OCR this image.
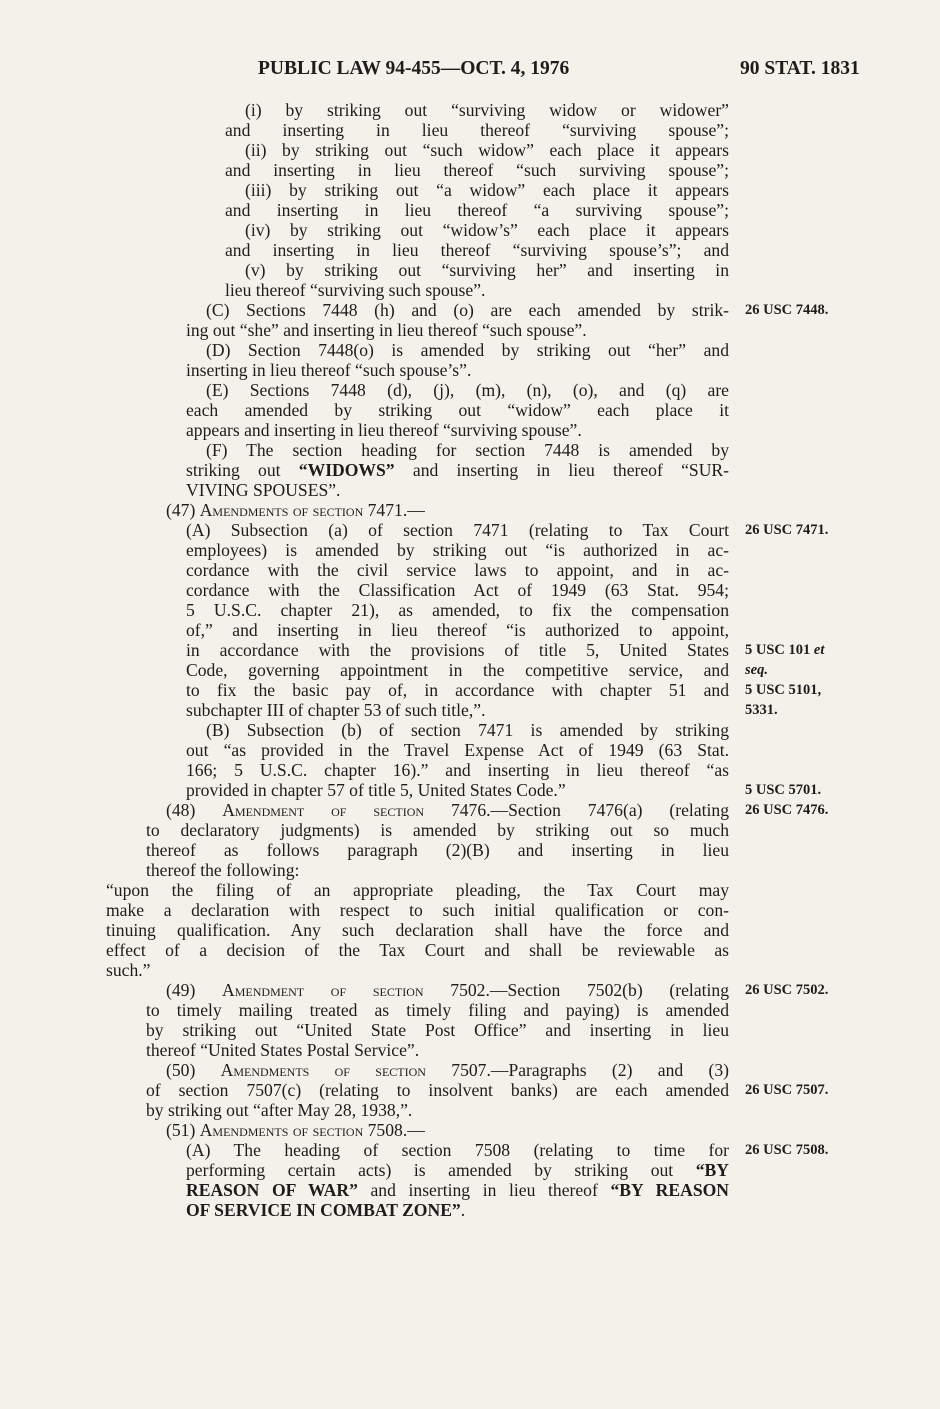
PUBLIC LAW 94-455—OCT. 4, 1976	90 STAT. 1831
(i) by striking out “surviving widow or widower”
and inserting in lieu thereof “surviving spouse”;
(ii) by striking out “such widow” each place it appears
and inserting in lieu thereof “such surviving spouse”;
(iii) by striking out “a widow” each place it appears
and inserting in lieu thereof “a surviving spouse”;
(iv) by striking out “widow’s” each place it appears
and inserting in lieu thereof “surviving spouse’s”; and
(v) by striking out “surviving her” and inserting in
lieu thereof “surviving such spouse”.
(C) Sections 7448 (h) and (o) are each amended by strik-
ing out “she” and inserting in lieu thereof “such spouse”.
(D) Section 7448(o) is amended by striking out “her” and
inserting in lieu thereof “such spouse’s”.
(E) Sections 7448 (d), (j), (m), (n), (o), and (q) are
each amended by striking out “widow” each place it
appears and inserting in lieu thereof “surviving spouse”.
(F) The section heading for section 7448 is amended by
striking out “WIDOWS” and inserting in lieu thereof “SUR-
VIVING SPOUSES”.
(47) Amendments of section 7471.—
(A) Subsection (a) of section 7471 (relating to Tax Court
employees) is amended by striking out “is authorized in ac-
cordance with the civil service laws to appoint, and in ac-
cordance with the Classification Act of 1949 (63 Stat. 954;
5 U.S.C. chapter 21), as amended, to fix the compensation
of,” and inserting in lieu thereof “is authorized to appoint,
in accordance with the provisions of title 5, United States
Code, governing appointment in the competitive service, and
to fix the basic pay of, in accordance with chapter 51 and
subchapter III of chapter 53 of such title,”.
(B) Subsection (b) of section 7471 is amended by striking
out “as provided in the Travel Expense Act of 1949 (63 Stat.
166; 5 U.S.C. chapter 16).” and inserting in lieu thereof “as
provided in chapter 57 of title 5, United States Code.”
(48) Amendment of section 7476.—Section 7476(a) (relating
to declaratory judgments) is amended by striking out so much
thereof as follows paragraph (2)(B) and inserting in lieu
thereof the following:
“upon the filing of an appropriate pleading, the Tax Court may
make a declaration with respect to such initial qualification or con-
tinuing qualification. Any such declaration shall have the force and
effect of a decision of the Tax Court and shall be reviewable as
such.”
(49) Amendment of section 7502.—Section 7502(b) (relating
to timely mailing treated as timely filing and paying) is amended
by striking out “United State Post Office” and inserting in lieu
thereof “United States Postal Service”.
(50) Amendments of section 7507.—Paragraphs (2) and (3)
of section 7507(c) (relating to insolvent banks) are each amended
by striking out “after May 28, 1938,”.
(51) Amendments of section 7508.—
(A) The heading of section 7508 (relating to time for
performing certain acts) is amended by striking out “BY
REASON OF WAR” and inserting in lieu thereof “BY REASON
OF SERVICE IN COMBAT ZONE”.
26 USC 7448.
26 USC 7471.
5 USC 101 et
seq.
5 USC 5101,
5331.
5 USC 5701.
26 USC 7476.
26 USC 7502.
26 USC 7507.
26 USC 7508.
